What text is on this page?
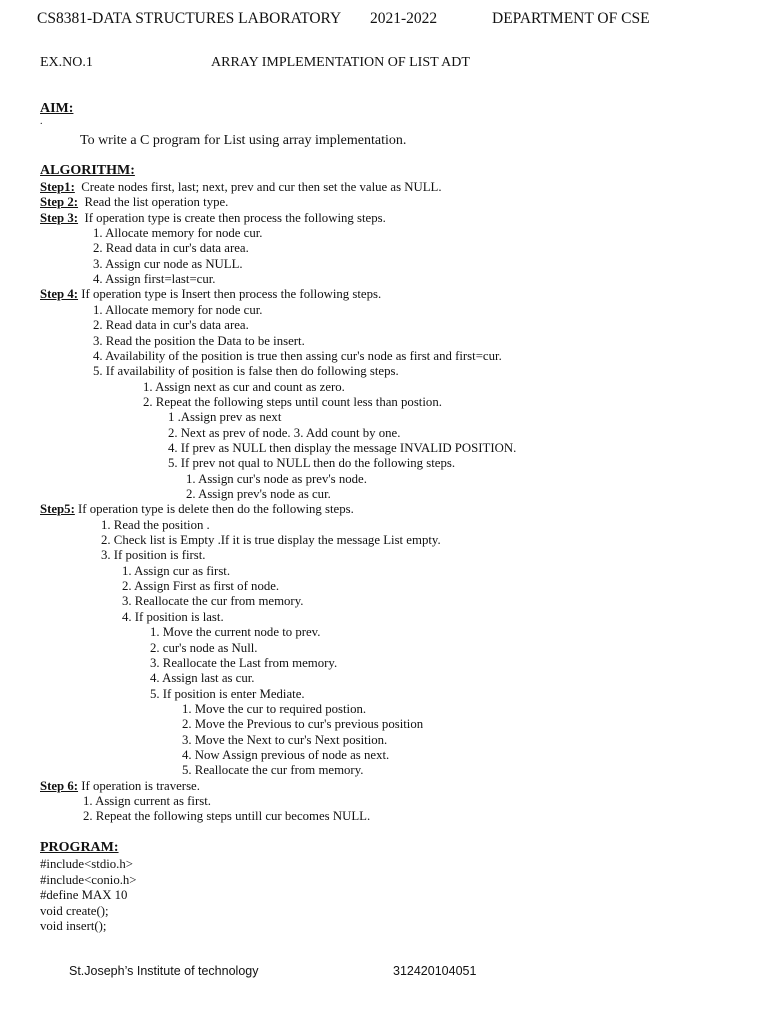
CS8381-DATA STRUCTURES LABORATORY 2021-2022	DEPARTMENT OF CSE
EX.NO.1	ARRAY IMPLEMENTATION OF LIST ADT
AIM:
.
To write a C program for List using array implementation.
ALGORITHM:
Step1:  Create nodes first, last; next, prev and cur then set the value as NULL.
Step 2:  Read the list operation type.
Step 3:  If operation type is create then process the following steps.
1. Allocate memory for node cur.
2. Read data in cur's data area.
3. Assign cur node as NULL.
4. Assign first=last=cur.
Step 4: If operation type is Insert then process the following steps.
1. Allocate memory for node cur.
2. Read data in cur's data area.
3. Read the position the Data to be insert.
4. Availability of the position is true then assing cur's node as first and first=cur.
5. If availability of position is false then do following steps.
1. Assign next as cur and count as zero.
2. Repeat the following steps until count less than postion.
1 .Assign prev as next
2. Next as prev of node. 3. Add count by one.
4. If prev as NULL then display the message INVALID POSITION.
5. If prev not qual to NULL then do the following steps.
1. Assign cur's node as prev's node.
2. Assign prev's node as cur.
Step5: If operation type is delete then do the following steps.
1. Read the position .
2. Check list is Empty .If it is true display the message List empty.
3. If position is first.
1. Assign cur as first.
2. Assign First as first of node.
3. Reallocate the cur from memory.
4. If position is last.
1. Move the current node to prev.
2. cur's node as Null.
3. Reallocate the Last from memory.
4. Assign last as cur.
5. If position is enter Mediate.
1. Move the cur to required postion.
2. Move the Previous to cur's previous position
3. Move the Next to cur's Next position.
4. Now Assign previous of node as next.
5. Reallocate the cur from memory.
Step 6: If operation is traverse.
1. Assign current as first.
2. Repeat the following steps untill cur becomes NULL.
PROGRAM:
#include<stdio.h>
#include<conio.h>
#define MAX 10
void create();
void insert();
St.Joseph’s Institute of technology	312420104051
